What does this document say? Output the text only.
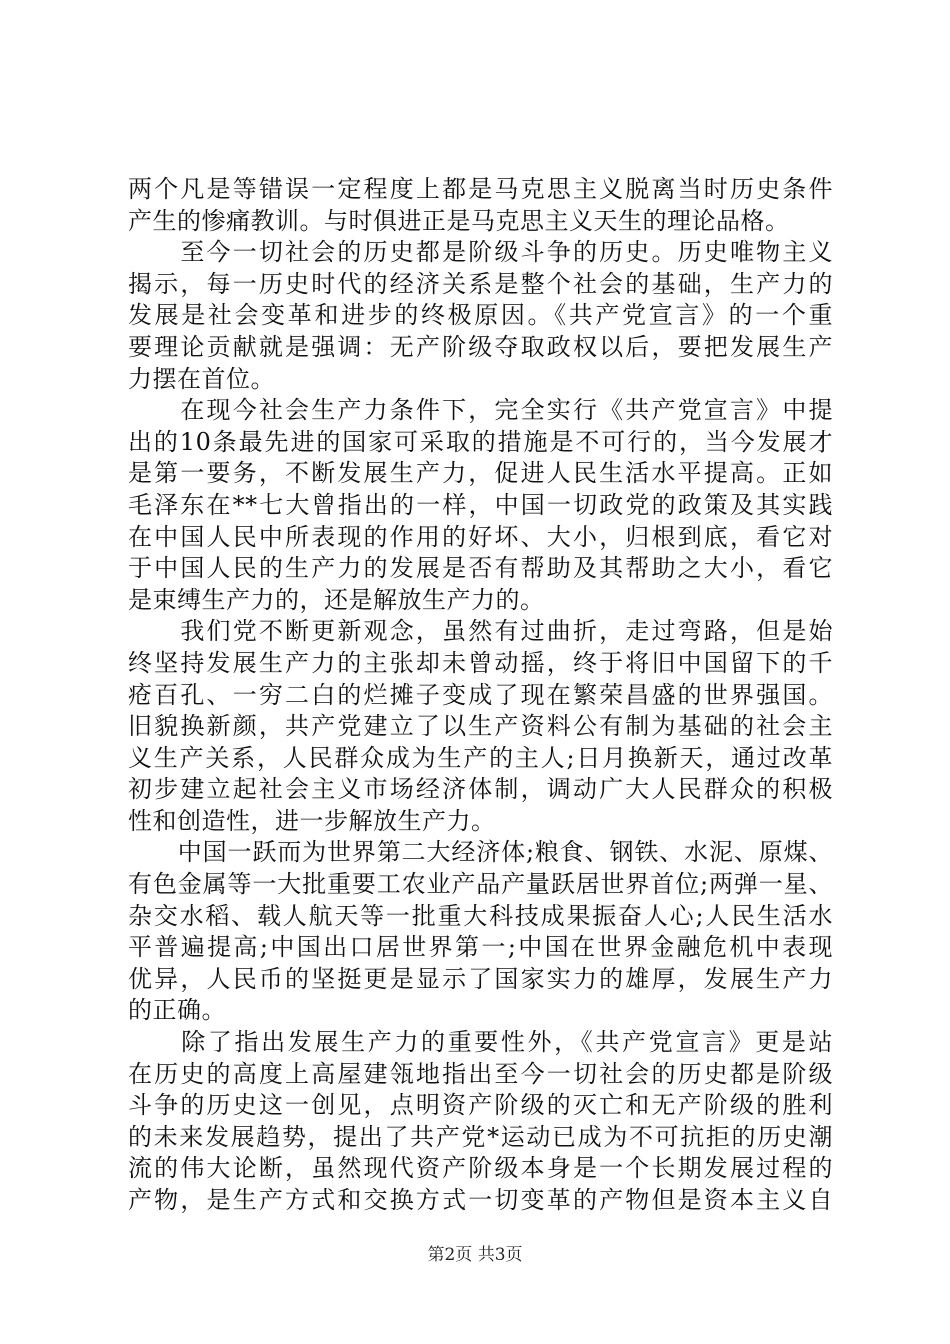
两个凡是等错误一定程度上都是马克思主义脱离当时历史条件
产生的惨痛教训。与时俱进正是马克思主义天生的理论品格。
　　至今一切社会的历史都是阶级斗争的历史。历史唯物主义
揭示，每一历史时代的经济关系是整个社会的基础，生产力的
发展是社会变革和进步的终极原因。《共产党宣言》的一个重
要理论贡献就是强调：无产阶级夺取政权以后，要把发展生产
力摆在首位。
　　在现今社会生产力条件下，完全实行《共产党宣言》中提
出的10条最先进的国家可采取的措施是不可行的，当今发展才
是第一要务，不断发展生产力，促进人民生活水平提高。正如
毛泽东在**七大曾指出的一样，中国一切政党的政策及其实践
在中国人民中所表现的作用的好坏、大小，归根到底，看它对
于中国人民的生产力的发展是否有帮助及其帮助之大小，看它
是束缚生产力的，还是解放生产力的。
　　我们党不断更新观念，虽然有过曲折，走过弯路，但是始
终坚持发展生产力的主张却未曾动摇，终于将旧中国留下的千
疮百孔、一穷二白的烂摊子变成了现在繁荣昌盛的世界强国。
旧貌换新颜，共产党建立了以生产资料公有制为基础的社会主
义生产关系，人民群众成为生产的主人;日月换新天，通过改革
初步建立起社会主义市场经济体制，调动广大人民群众的积极
性和创造性，进一步解放生产力。
　　中国一跃而为世界第二大经济体;粮食、钢铁、水泥、原煤、
有色金属等一大批重要工农业产品产量跃居世界首位;两弹一星、
杂交水稻、载人航天等一批重大科技成果振奋人心;人民生活水
平普遍提高;中国出口居世界第一;中国在世界金融危机中表现
优异，人民币的坚挺更是显示了国家实力的雄厚，发展生产力
的正确。
　　除了指出发展生产力的重要性外，《共产党宣言》更是站
在历史的高度上高屋建瓴地指出至今一切社会的历史都是阶级
斗争的历史这一创见，点明资产阶级的灭亡和无产阶级的胜利
的未来发展趋势，提出了共产党*运动已成为不可抗拒的历史潮
流的伟大论断，虽然现代资产阶级本身是一个长期发展过程的
产物，是生产方式和交换方式一切变革的产物但是资本主义自
第2页 共3页
